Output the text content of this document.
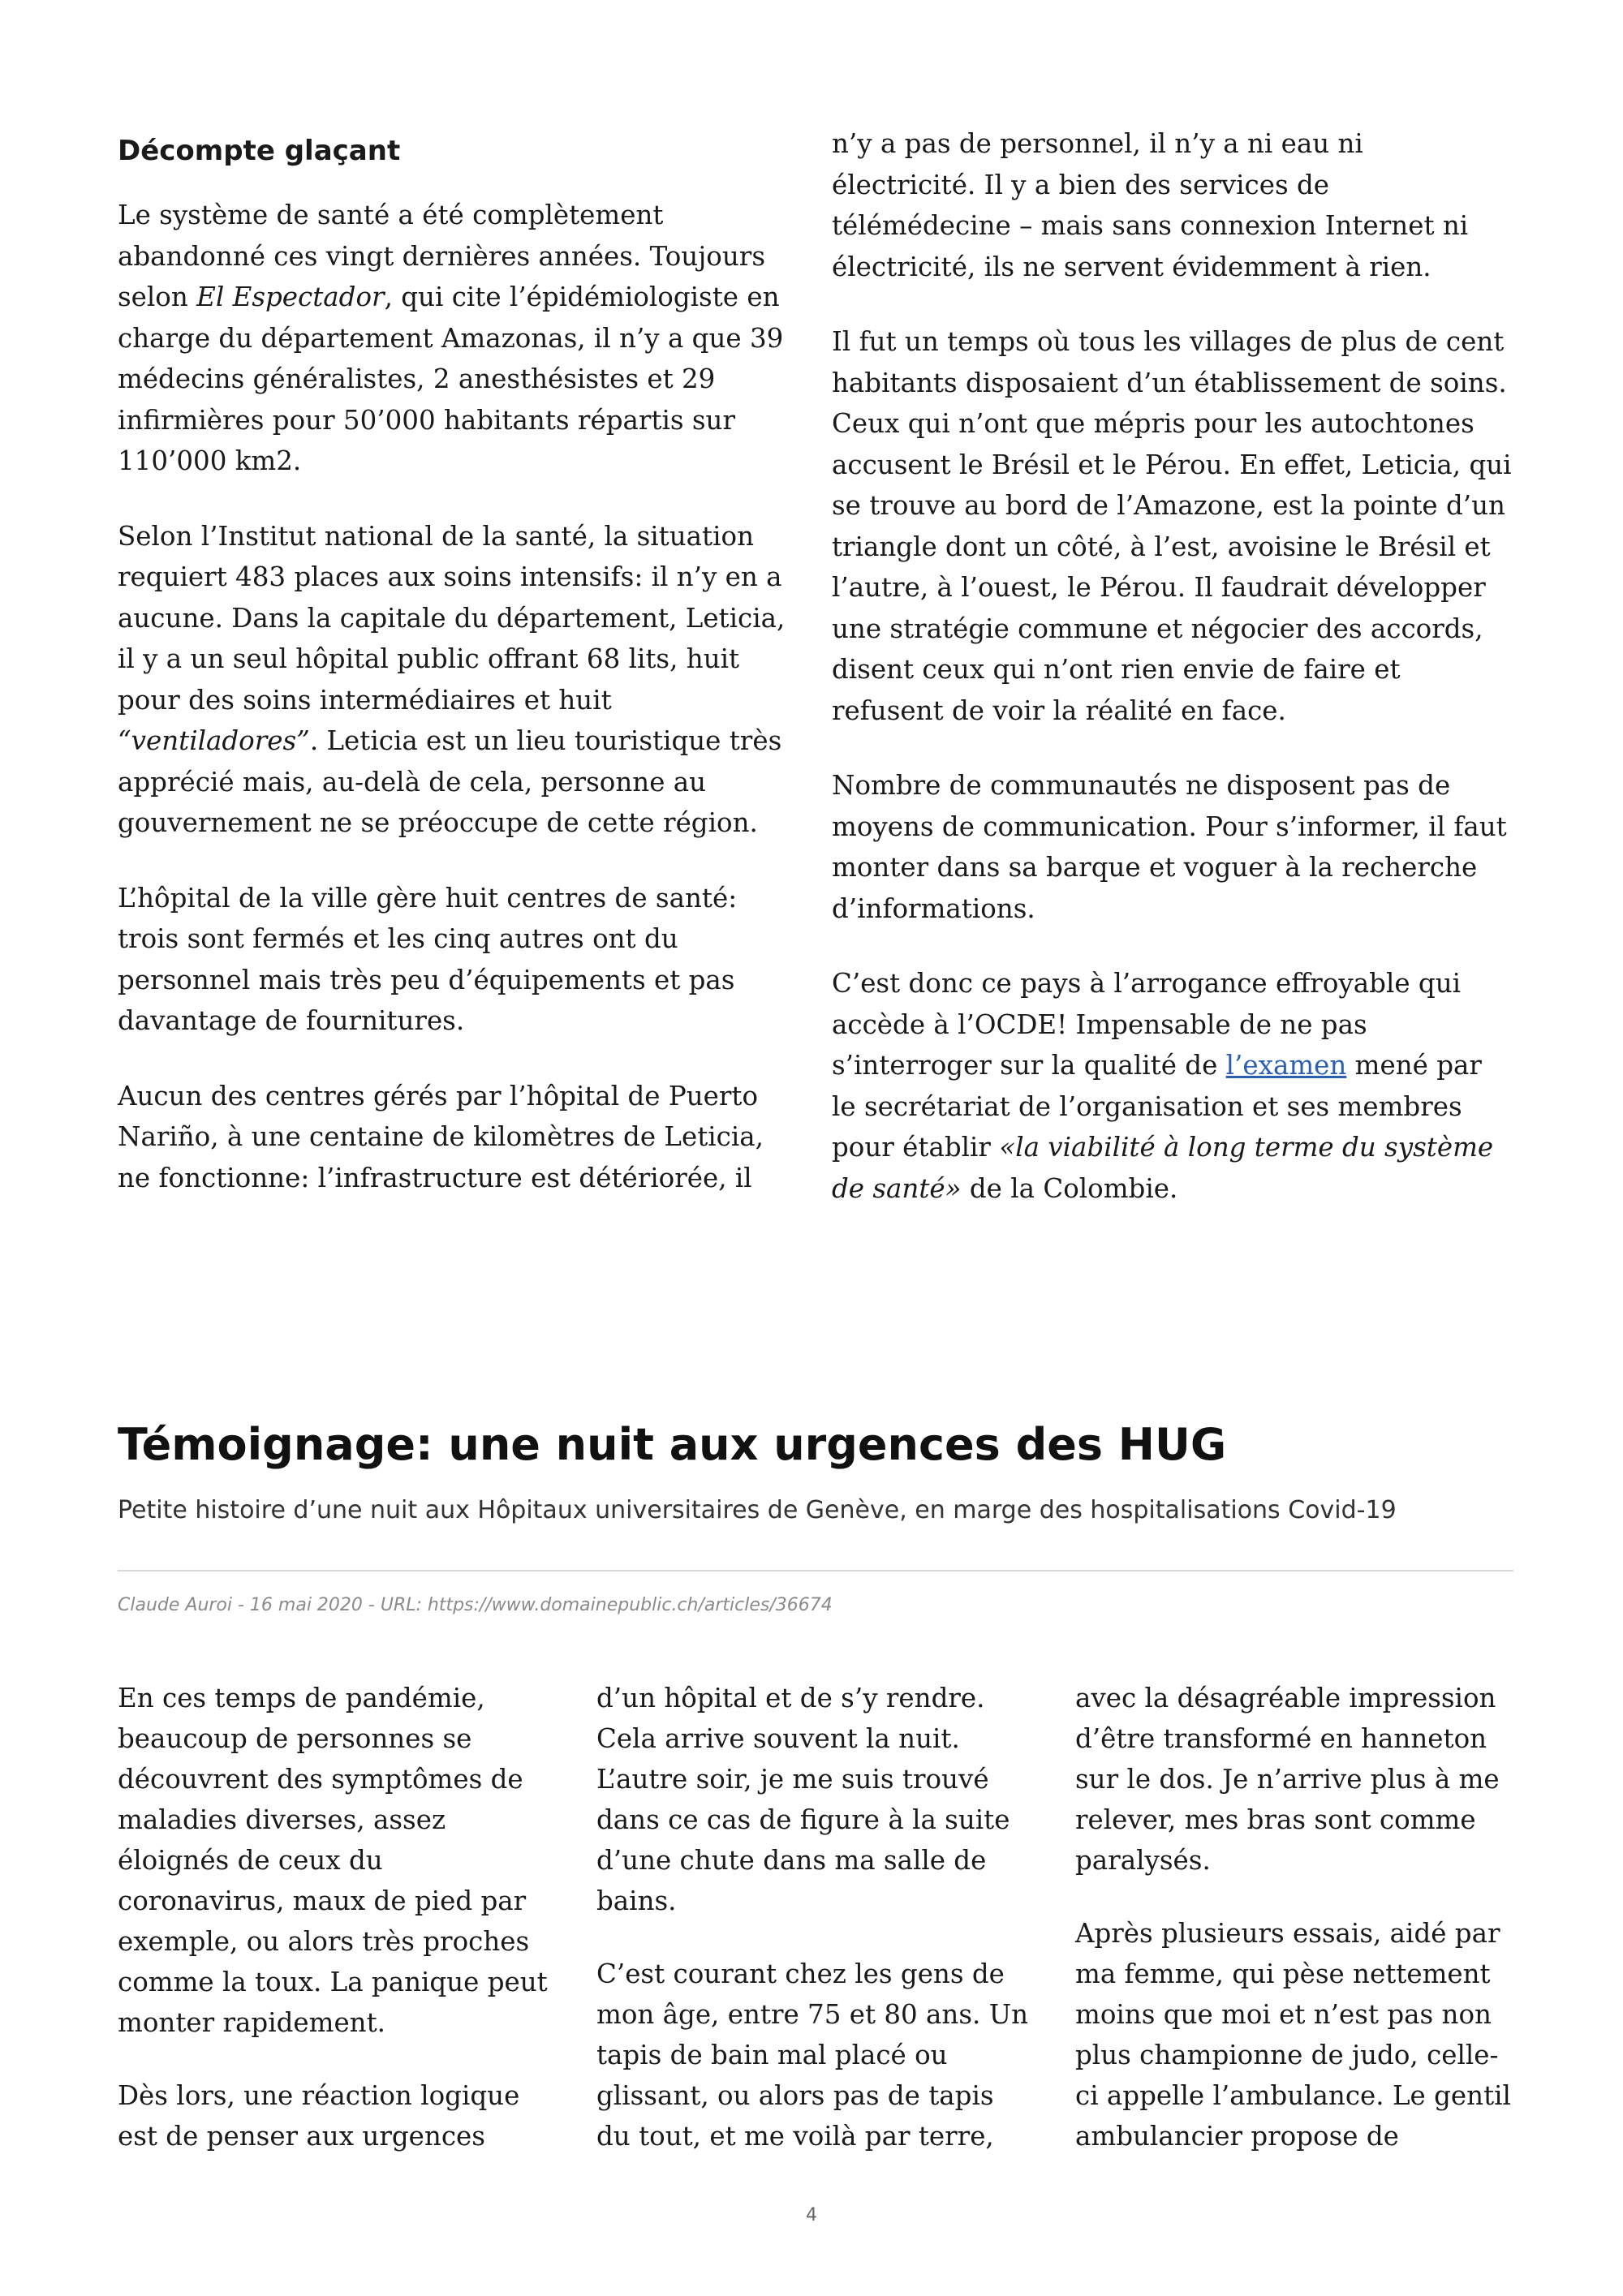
Décompte glaçant

Le système de santé a été complètement abandonné ces vingt dernières années. Toujours selon El Espectador, qui cite l’épidémiologiste en charge du département Amazonas, il n’y a que 39 médecins généralistes, 2 anesthésistes et 29 infirmières pour 50’000 habitants répartis sur 110’000 km2.

Selon l’Institut national de la santé, la situation requiert 483 places aux soins intensifs: il n’y en a aucune. Dans la capitale du département, Leticia, il y a un seul hôpital public offrant 68 lits, huit pour des soins intermédiaires et huit “ventiladores”. Leticia est un lieu touristique très apprécié mais, au-delà de cela, personne au gouvernement ne se préoccupe de cette région.

L’hôpital de la ville gère huit centres de santé: trois sont fermés et les cinq autres ont du personnel mais très peu d’équipements et pas davantage de fournitures.

Aucun des centres gérés par l’hôpital de Puerto Nariño, à une centaine de kilomètres de Leticia, ne fonctionne: l’infrastructure est détériorée, il

n’y a pas de personnel, il n’y a ni eau ni électricité. Il y a bien des services de télémédecine – mais sans connexion Internet ni électricité, ils ne servent évidemment à rien.

Il fut un temps où tous les villages de plus de cent habitants disposaient d’un établissement de soins. Ceux qui n’ont que mépris pour les autochtones accusent le Brésil et le Pérou. En effet, Leticia, qui se trouve au bord de l’Amazone, est la pointe d’un triangle dont un côté, à l’est, avoisine le Brésil et l’autre, à l’ouest, le Pérou. Il faudrait développer une stratégie commune et négocier des accords, disent ceux qui n’ont rien envie de faire et refusent de voir la réalité en face.

Nombre de communautés ne disposent pas de moyens de communication. Pour s’informer, il faut monter dans sa barque et voguer à la recherche d’informations.

C’est donc ce pays à l’arrogance effroyable qui accède à l’OCDE! Impensable de ne pas s’interroger sur la qualité de l’examen mené par le secrétariat de l’organisation et ses membres pour établir «la viabilité à long terme du système de santé» de la Colombie.

Témoignage: une nuit aux urgences des HUG

Petite histoire d’une nuit aux Hôpitaux universitaires de Genève, en marge des hospitalisations Covid-19

Claude Auroi - 16 mai 2020 - URL: https://www.domainepublic.ch/articles/36674

En ces temps de pandémie, beaucoup de personnes se découvrent des symptômes de maladies diverses, assez éloignés de ceux du coronavirus, maux de pied par exemple, ou alors très proches comme la toux. La panique peut monter rapidement.

Dès lors, une réaction logique est de penser aux urgences

d’un hôpital et de s’y rendre. Cela arrive souvent la nuit. L’autre soir, je me suis trouvé dans ce cas de figure à la suite d’une chute dans ma salle de bains.

C’est courant chez les gens de mon âge, entre 75 et 80 ans. Un tapis de bain mal placé ou glissant, ou alors pas de tapis du tout, et me voilà par terre,

avec la désagréable impression d’être transformé en hanneton sur le dos. Je n’arrive plus à me relever, mes bras sont comme paralysés.

Après plusieurs essais, aidé par ma femme, qui pèse nettement moins que moi et n’est pas non plus championne de judo, celle-ci appelle l’ambulance. Le gentil ambulancier propose de

4
